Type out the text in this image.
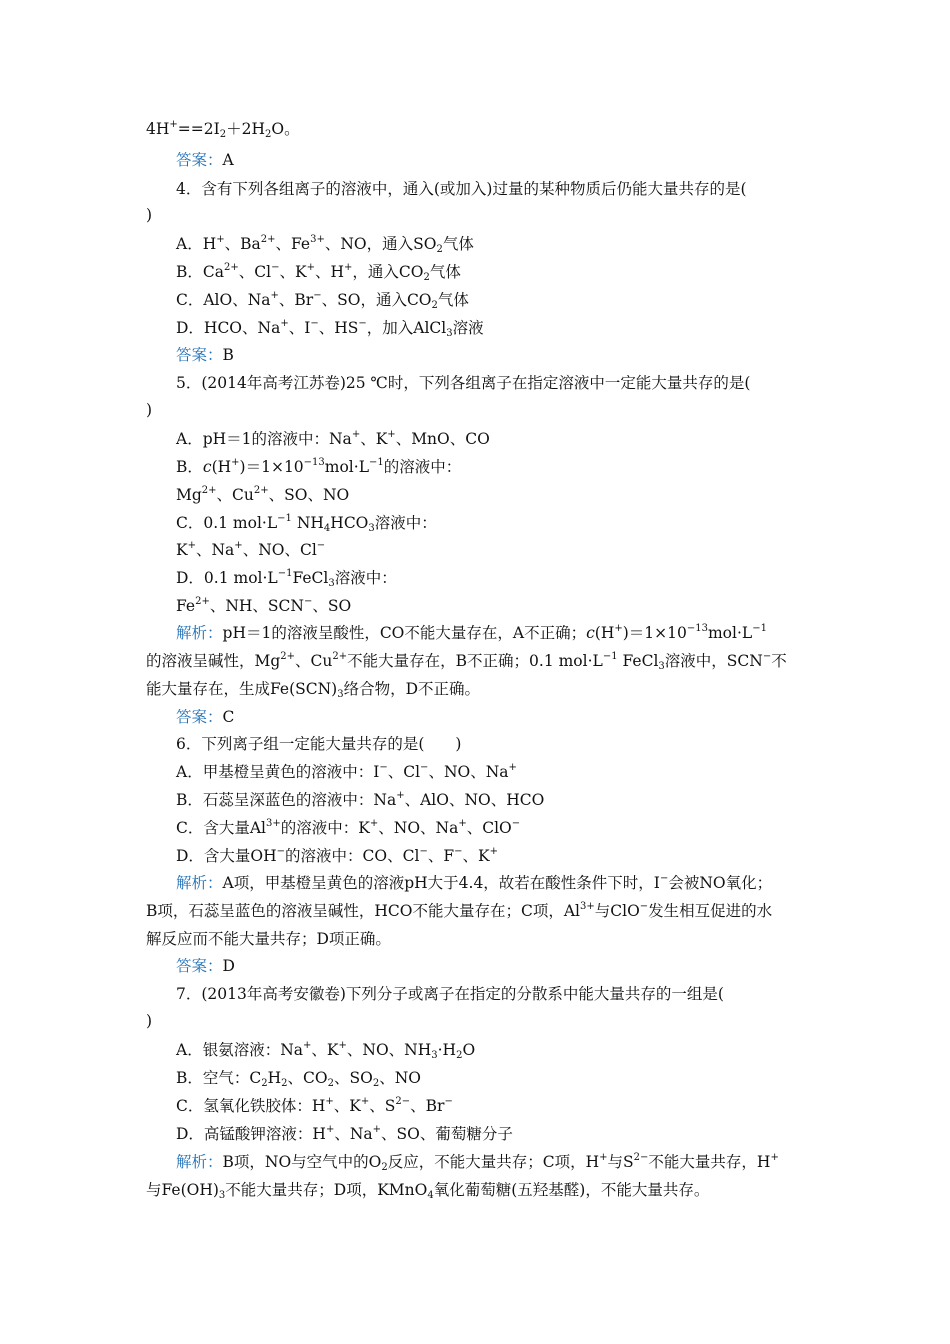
$4H^+==2I_2+2H_2O$。
答案：A
4．含有下列各组离子的溶液中，通入(或加入)过量的某种物质后仍能大量共存的是(
)
A．H+、$Ba^{2+}$、$Fe^{3+}$、NO，通入$SO_2$气体
B．$Ca^{2+}$、Cl−、K+、H+，通入$CO_2$气体
C．AlO、Na+、Br−、SO，通入$CO_2$气体
D．HCO、Na+、I−、HS−，加入AlCl$_3$溶液
答案：B
5．(2014年高考江苏卷)25 ℃时，下列各组离子在指定溶液中一定能大量共存的是(
)
A．pH＝1的溶液中：Na+、K+、MnO、CO
B．$c(H^+)=1\times 10^{-13}mol\cdot L^{-1}$的溶液中：
$Mg^{2+}$、$Cu^{2+}$、SO、NO
C．0.1 $mol\cdot L^{-1}$ $NH_4HCO_3$溶液中：
K+、Na+、NO、Cl−
D．0.1 $mol\cdot L^{-1}FeCl_3$溶液中：
$Fe^{2+}$、NH、SCN−、SO
解析：pH＝1的溶液呈酸性，CO不能大量存在，A不正确；$c(H^+)=1\times 10^{-13}mol\cdot L^{-1}$
的溶液呈碱性，$Mg^{2+}$、$Cu^{2+}$不能大量存在，B不正确；0.1 $mol\cdot L^{-1}$ FeCl$_3$溶液中，SCN−不
能大量存在，生成$Fe(SCN)_3$络合物，D不正确。
答案：C
6．下列离子组一定能大量共存的是(　　)
A．甲基橙呈黄色的溶液中：I−、Cl−、NO、Na+
B．石蕊呈深蓝色的溶液中：Na+、AlO、NO、HCO
C．含大量$Al^{3+}$的溶液中：K+、NO、Na+、ClO−
D．含大量OH−的溶液中：CO、Cl−、F−、K+
解析：A项，甲基橙呈黄色的溶液pH大于4.4，故若在酸性条件下时，I−会被NO氧化；
B项，石蕊呈蓝色的溶液呈碱性，HCO不能大量存在；C项，$Al^{3+}$与ClO−发生相互促进的水
解反应而不能大量共存；D项正确。
答案：D
7．(2013年高考安徽卷)下列分子或离子在指定的分散系中能大量共存的一组是(
)
A．银氨溶液：Na+、K+、NO、$NH_3\cdot H_2O$
B．空气：$C_2H_2$、$CO_2$、$SO_2$、NO
C．氢氧化铁胶体：H+、K+、$S^{2-}$、Br−
D．高锰酸钾溶液：H+、Na+、SO、葡萄糖分子
解析：B项，NO与空气中的$O_2$反应，不能大量共存；C项，H+与$S^{2-}$不能大量共存，H+
与$Fe(OH)_3$不能大量共存；D项，KMnO$_4$氧化葡萄糖(五羟基醛)，不能大量共存。
